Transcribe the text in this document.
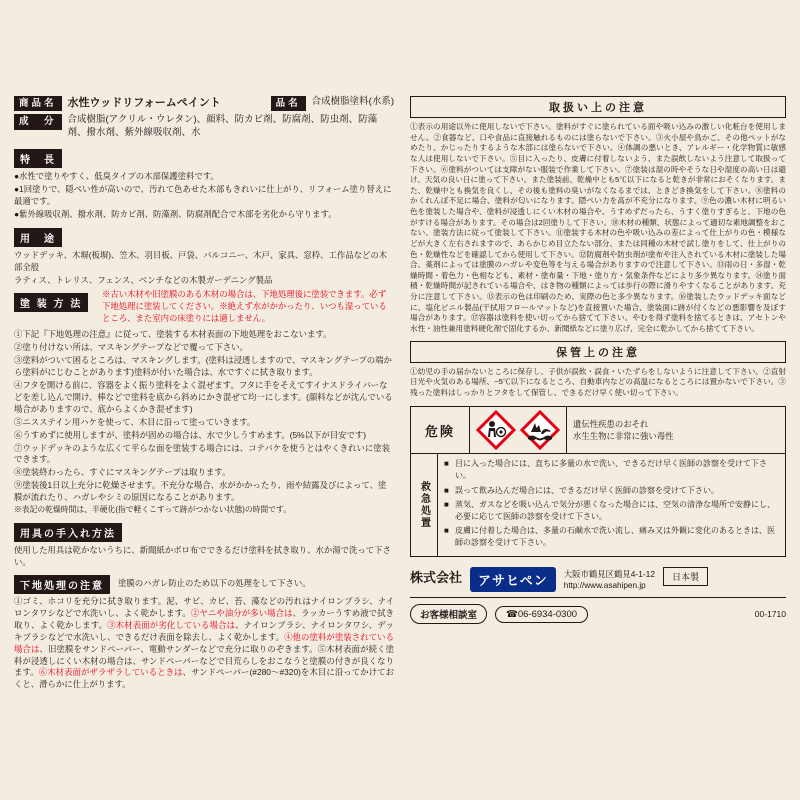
商品名	水性ウッドリフォームペイント	品名	合成樹脂塗料(水系)
成　分	合成樹脂(アクリル・ウレタン)、顔料、防カビ剤、防腐剤、防虫剤、防藻剤、撥水剤、紫外線吸収剤、水
特　長

●水性で塗りやすく、低臭タイプの木部保護塗料です。

●1回塗りで、隠ぺい性が高いので、汚れて色あせた木部もきれいに仕上がり、リフォーム塗り替えに最適です。

●紫外線吸収剤、撥水剤、防カビ剤、防藻剤、防腐剤配合で木部を劣化から守ります。

用　途

ウッドデッキ、木塀(板塀)、笠木、羽目板、戸袋、バルコニー、木戸、家具、窓枠、工作品などの木部全般

ラティス、トレリス、フェンス、ベンチなどの木製ガーデニング製品

塗 装 方 法
※古い木材や旧塗膜のある木材の場合は、下地処理後に塗装できます。必ず下地処理に塗装してください。※絶えず水がかかったり、いつも湿っているところ、また室内の床塗りには適しません。

①下記『下地処理の注意』に従って、塗装する木材表面の下地処理をおこないます。

②塗り付けない所は、マスキングテープなどで覆って下さい。

③塗料がついて困るところは、マスキングします。(塗料は浸透しますので、マスキングテープの端から塗料がにじむことがあります)塗料が付いた場合は、水ですぐに拭き取ります。

④フタを開ける前に、容器をよく振り塗料をよく混ぜます。フタに手をそえてすイナスドライバーなどを差し込んで開け、棒などで塗料を底から斜めにかき混ぜて均一にします。(顔料などが沈んでいる場合がありますので、底からよくかき混ぜます)

⑤ニスステイン用ハケを使って、木目に沿って塗っていきます。

⑥うすめずに使用しますが、塗料が固めの場合は、水で少しうすめます。(5%以下が目安です)

⑦ウッドデッキのような広くて平らな面を塗装する場合には、コテバケを使うとはやくきれいに塗装できます。

⑧塗装終わったら、すぐにマスキングテープは取ります。

⑨塗装後1日以上充分に乾燥させます。不充分な場合、水がかかったり、雨や結露及びによって、塗膜が流れたり、ハガレやシミの原因になることがあります。

※表記の乾燥時間は、半硬化(指で軽くこすって跡がつかない状態)の時間です。

用具の手入れ方法
使用した用具は乾かないうちに、新聞紙かボロ布でできるだけ塗料を拭き取り、水か湯で洗って下さい。
下地処理の注意	塗膜のハガレ防止のため以下の処理をして下さい。
①ゴミ、ホコリを充分に拭き取ります。泥、サビ、カビ、苔、藻などの汚れはナイロンブラシ、ナイロンタワシなどで水洗いし、よく乾かします。②ヤニや油分が多い場合は、ラッカーうすめ液で拭き取り、よく乾かします。③木材表面が劣化している場合は、ナイロンブラシ、ナイロンタワシ、デッキブラシなどで水洗いし、できるだけ表面を除去し、よく乾かします。④他の塗料が塗装されている場合は、旧塗膜をサンドペーパー、電動サンダーなどで充分に取りのぞきます。⑤木材表面が続く塗料が浸透しにくい木材の場合は、サンドペーパーなどで目荒らしをおこなうと塗膜の付きが良くなります。⑥木材表面がザラザラしているときは、サンドペーパー(#280〜#320)を木目に沿ってかけておくと、滑らかに仕上がります。
取扱い上の注意
①表示の用途以外に使用しないで下さい。塗料がすぐに塗られている面や吸い込みの激しい化粧台を使用しません。②食器など、口や食品に直接触れるものには塗らないで下さい。③火小屋や鳥かご、その他ペットがなめたり、かじったりするような木部には塗らないで下さい。④体調の悪いとき、アレルギー・化学物質に敏感な人は使用しないで下さい。⑤目に入ったり、皮膚に付着しないよう、また誤飲しないよう注意して取扱って下さい。⑥塗料がついては支障がない服装で作業して下さい。⑦塗装は湿の時やそうな日や湿度の高い日は避け、天気の良い日に塗って下さい。また塗装前、乾燥中とも5℃以下になると乾きが非常におそくなります。また、乾燥中とも換気を良くし、その後も塗料の臭いがなくなるまでは、ときどき換気をして下さい。⑧塗料のかくれんぼ不足に場合、塗料が匂いになります。隠ぺい力を高が不充分になります。⑨色の濃い木材に明るい色を塗装した場合や、塗料が浸透しにくい木材の場合や、うすめずだったら、うすく塗りすぎると、下地の色がすける場合があります。その場合は2回塗りして下さい。⑩木材の種類、状態によって適切な素地調整をおこない、塗装方法に従って塗装して下さい。⑪塗装する木材の色や吸い込みの差によって仕上がりの色・模様などが大きく左右されますので、あらかじめ目立たない部分、または同種の木材で試し塗りをして、仕上がりの色・乾燥性などを確認してから使用して下さい。⑫防腐剤や防虫剤が塗布や注入されている木材に塗装した場合、薬剤によっては塗膜のハガレや変色等を与える場合がありますので注意して下さい。⑬雨の日・多湿・乾燥時間・着色力・色相なども、素材・塗布量・下地・塗り方・気象条件などにより多少異なります。⑭塗り面積・乾燥時間が記されている場合や、はき物の種類によっては歩行の際に滑りやすくなることがあります。充分に注意して下さい。⑮表示の色は印刷のため、実際の色と多少異なります。⑯塗装したウッドデッキ面などに、塩化ビニル製品(干拭用フロールマットなど)を直接置いた場合、塗装面に跡が付くなどの悪影響を及ぼす場合があります。⑰容器は塗料を使い切ってから捨てて下さい。やむを得ず塗料を捨てるときは、アセトンや水性・油性兼用塗料硬化剤で固化するか、新聞紙などに塗り広げ、完全に乾かしてから捨てて下さい。
保管上の注意
①幼児の手の届かないところに保存し、子供が誤飲・誤食・いたずらをしないように注意して下さい。②直射日光や火気のある場所、−5℃以下になるところ、自動車内などの高温になるところには置かないで下さい。③残った塗料はしっかりとフタをして保管し、できるだけ早く使い切って下さい。
危険
遺伝性疾患のおそれ
水生生物に非常に強い毒性
救急処置

■ 目に入った場合には、直ちに多量の水で洗い、できるだけ早く医師の診察を受けて下さい。

■ 誤って飲み込んだ場合には、できるだけ早く医師の診察を受けて下さい。

■ 蒸気、ガスなどを吸い込んで気分が悪くなった場合には、空気の清浄な場所で安静にし、必要に応じて医師の診察を受けて下さい。

■ 皮膚に付着した場合は、多量の石鹸水で洗い流し、痛み又は外観に変化のあるときは、医師の診察を受けて下さい。

株式会社	アサヒペン	大阪市鶴見区鶴見4-1-12
http://www.asahipen.jp
日本製
お客様相談室	☎06-6934-0300	00-1710
